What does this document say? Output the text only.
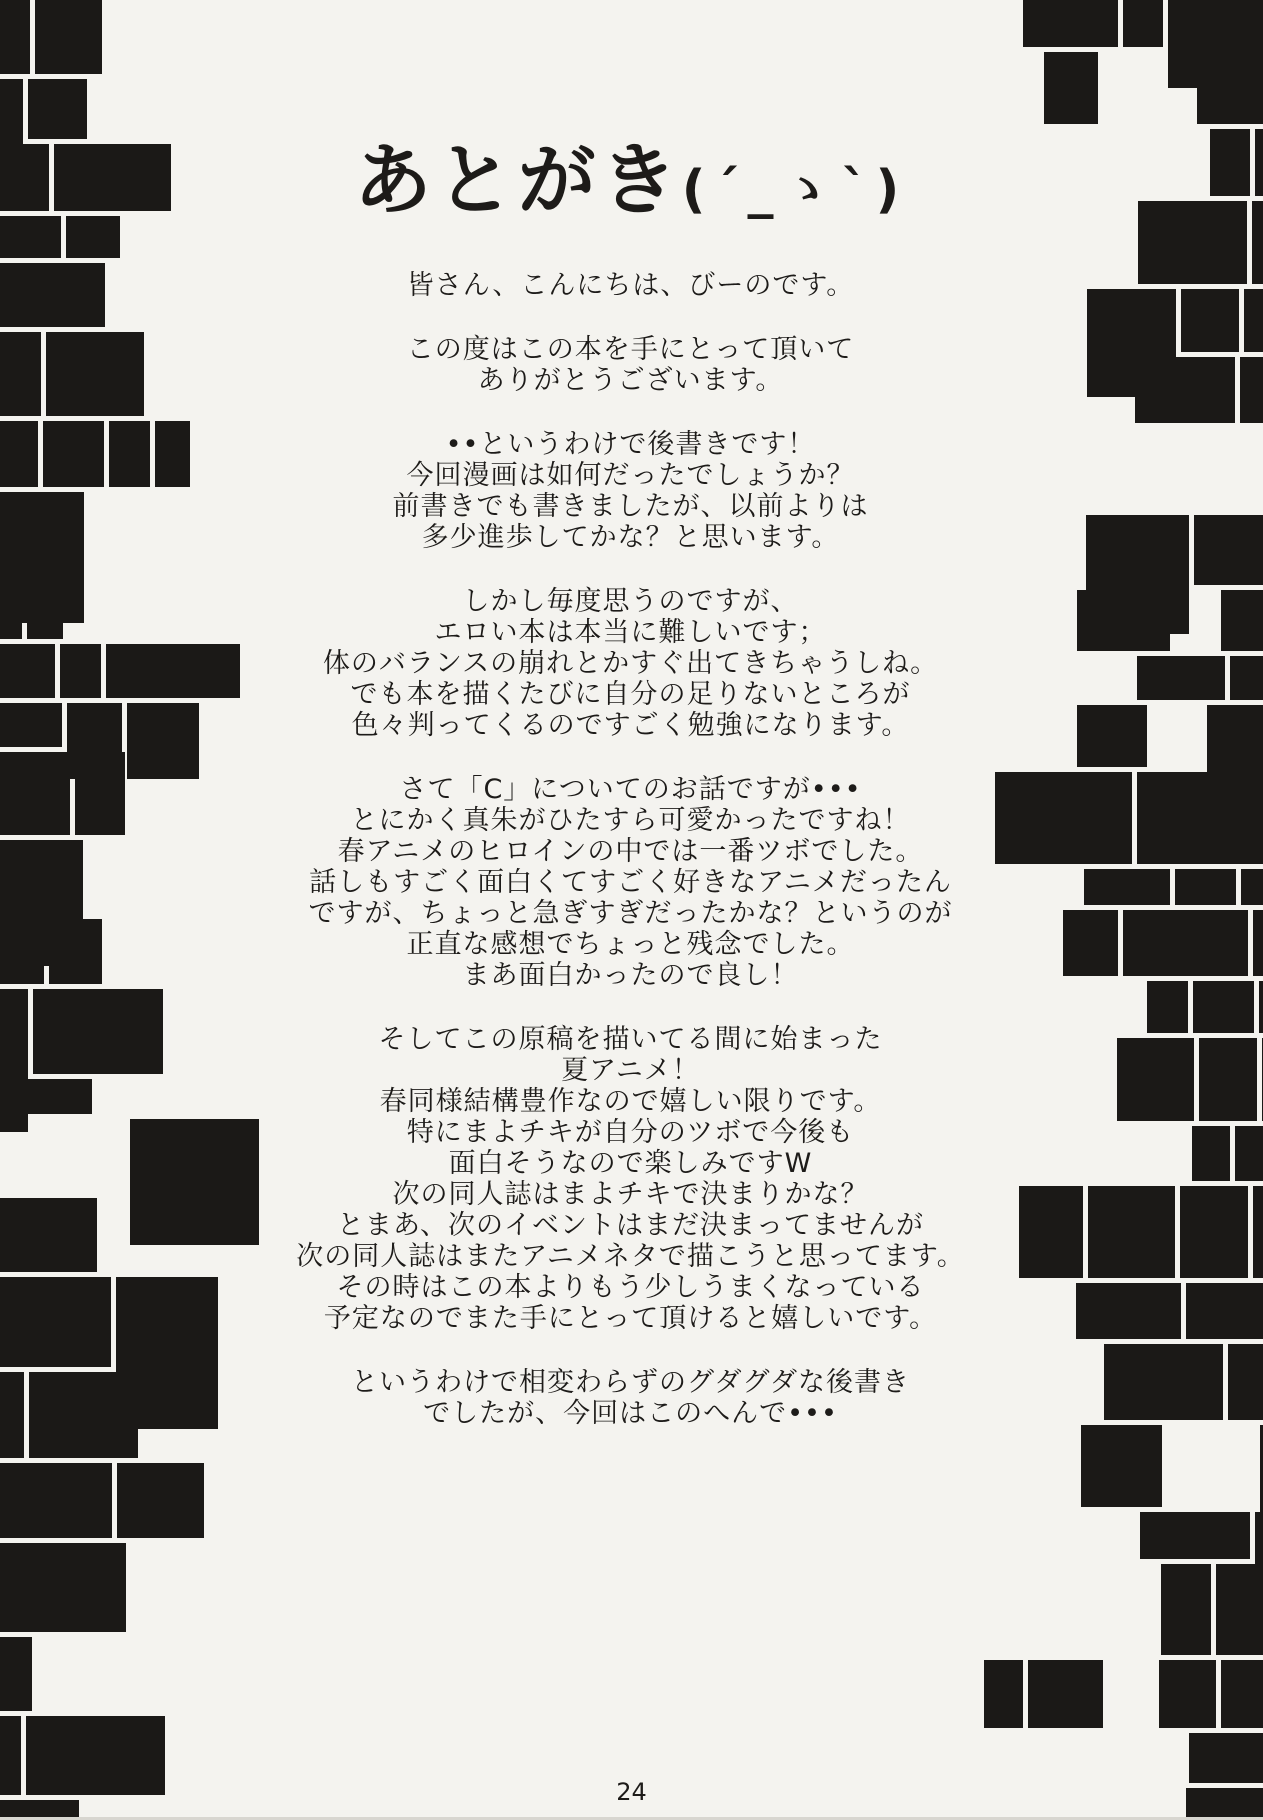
あとがき(´_ゝ`)
皆さん、こんにちは、びーのです。
この度はこの本を手にとって頂いて
ありがとうございます。
••というわけで後書きです！
今回漫画は如何だったでしょうか？
前書きでも書きましたが、以前よりは
多少進歩してかな？と思います。
しかし毎度思うのですが、
エロい本は本当に難しいです；
体のバランスの崩れとかすぐ出てきちゃうしね。
でも本を描くたびに自分の足りないところが
色々判ってくるのですごく勉強になります。
さて「C」についてのお話ですが•••
とにかく真朱がひたすら可愛かったですね！
春アニメのヒロインの中では一番ツボでした。
話しもすごく面白くてすごく好きなアニメだったん
ですが、ちょっと急ぎすぎだったかな？というのが
正直な感想でちょっと残念でした。
まあ面白かったので良し！
そしてこの原稿を描いてる間に始まった
夏アニメ！
春同様結構豊作なので嬉しい限りです。
特にまよチキが自分のツボで今後も
面白そうなので楽しみですW
次の同人誌はまよチキで決まりかな？
とまあ、次のイベントはまだ決まってませんが
次の同人誌はまたアニメネタで描こうと思ってます。
その時はこの本よりもう少しうまくなっている
予定なのでまた手にとって頂けると嬉しいです。
というわけで相変わらずのグダグダな後書き
でしたが、今回はこのへんで•••
24
